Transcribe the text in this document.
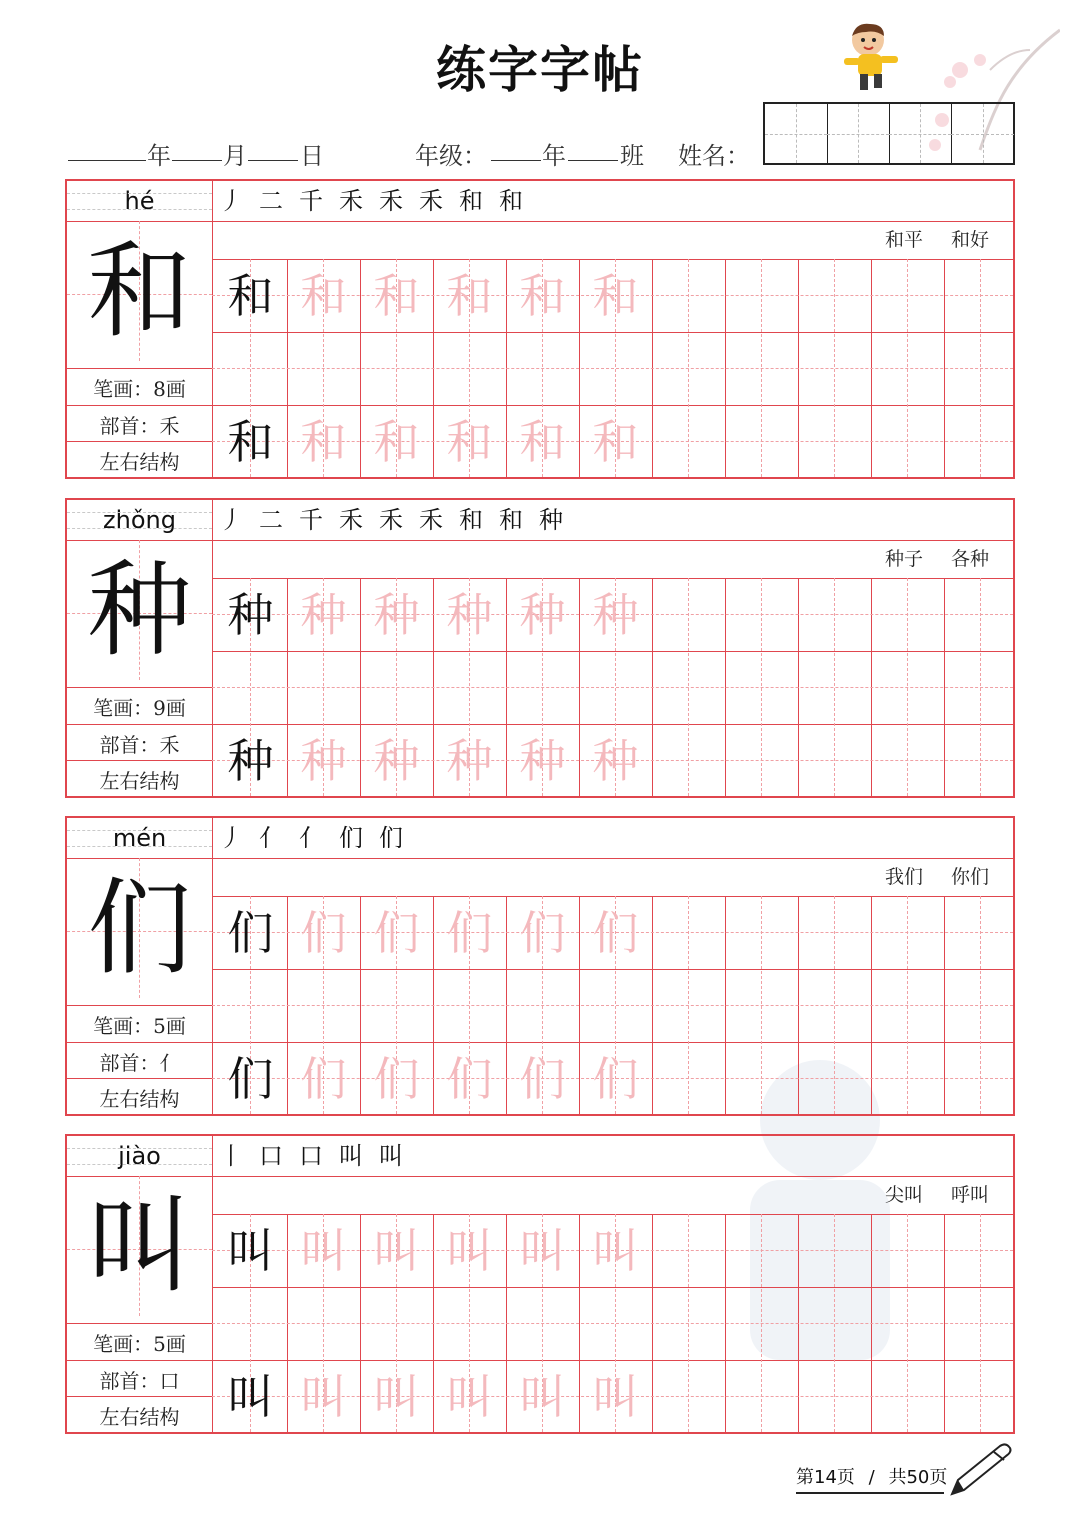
练字字帖
年 月 日	年级： 年 班 姓名：
hé
和
笔画：8画
部首：禾
左右结构
丿 二 千 禾 禾 禾 和 和
和平 和好
和 和 和 和 和 和
和 和 和 和 和 和
zhǒng
种
笔画：9画
部首：禾
左右结构
丿 二 千 禾 禾 禾 和 和 种
种子 各种
种 种 种 种 种 种
种 种 种 种 种 种
mén
们
笔画：5画
部首：亻
左右结构
丿 亻 亻 们 们
我们 你们
们 们 们 们 们 们
们 们 们 们 们 们
jiào
叫
笔画：5画
部首：口
左右结构
丨 口 口 叫 叫
尖叫 呼叫
叫 叫 叫 叫 叫 叫
叫 叫 叫 叫 叫 叫
第14页 / 共50页
